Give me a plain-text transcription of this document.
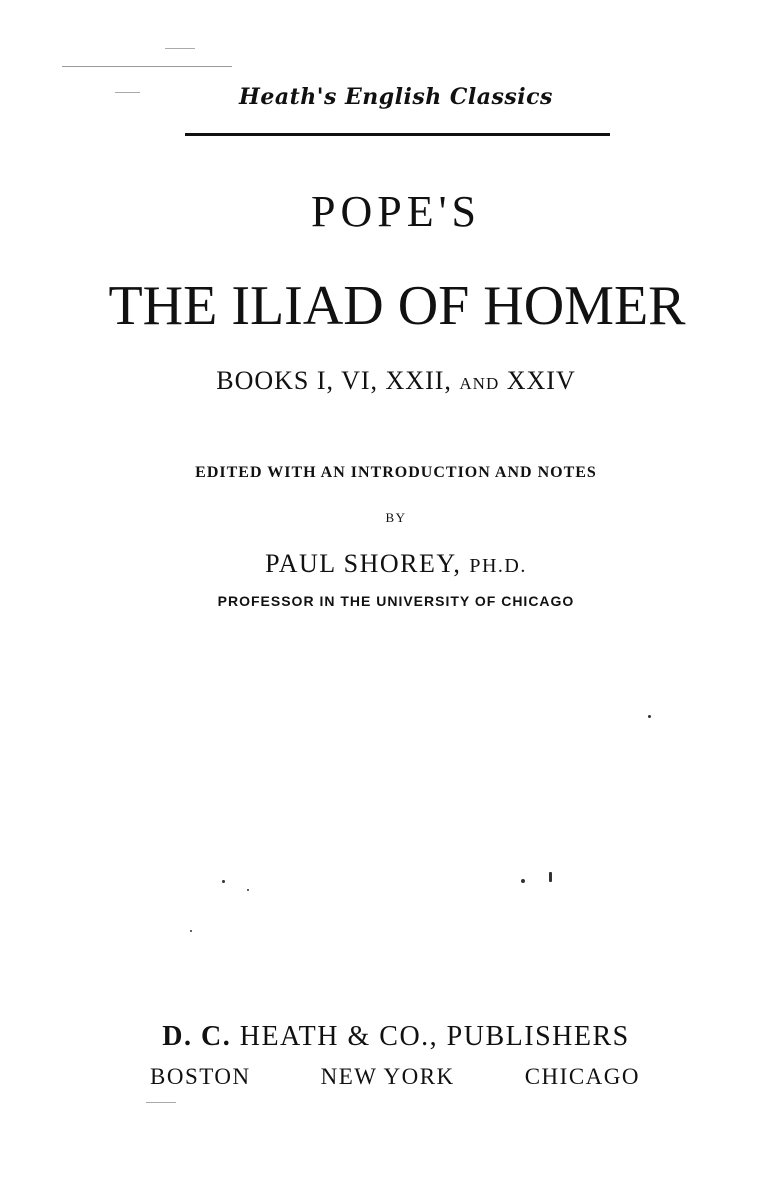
Heath's English Classics
POPE'S
THE ILIAD OF HOMER
BOOKS I, VI, XXII, AND XXIV
EDITED WITH AN INTRODUCTION AND NOTES
BY
PAUL SHOREY, PH.D.
PROFESSOR IN THE UNIVERSITY OF CHICAGO
D. C. HEATH & CO., PUBLISHERS
BOSTON	NEW YORK	CHICAGO
